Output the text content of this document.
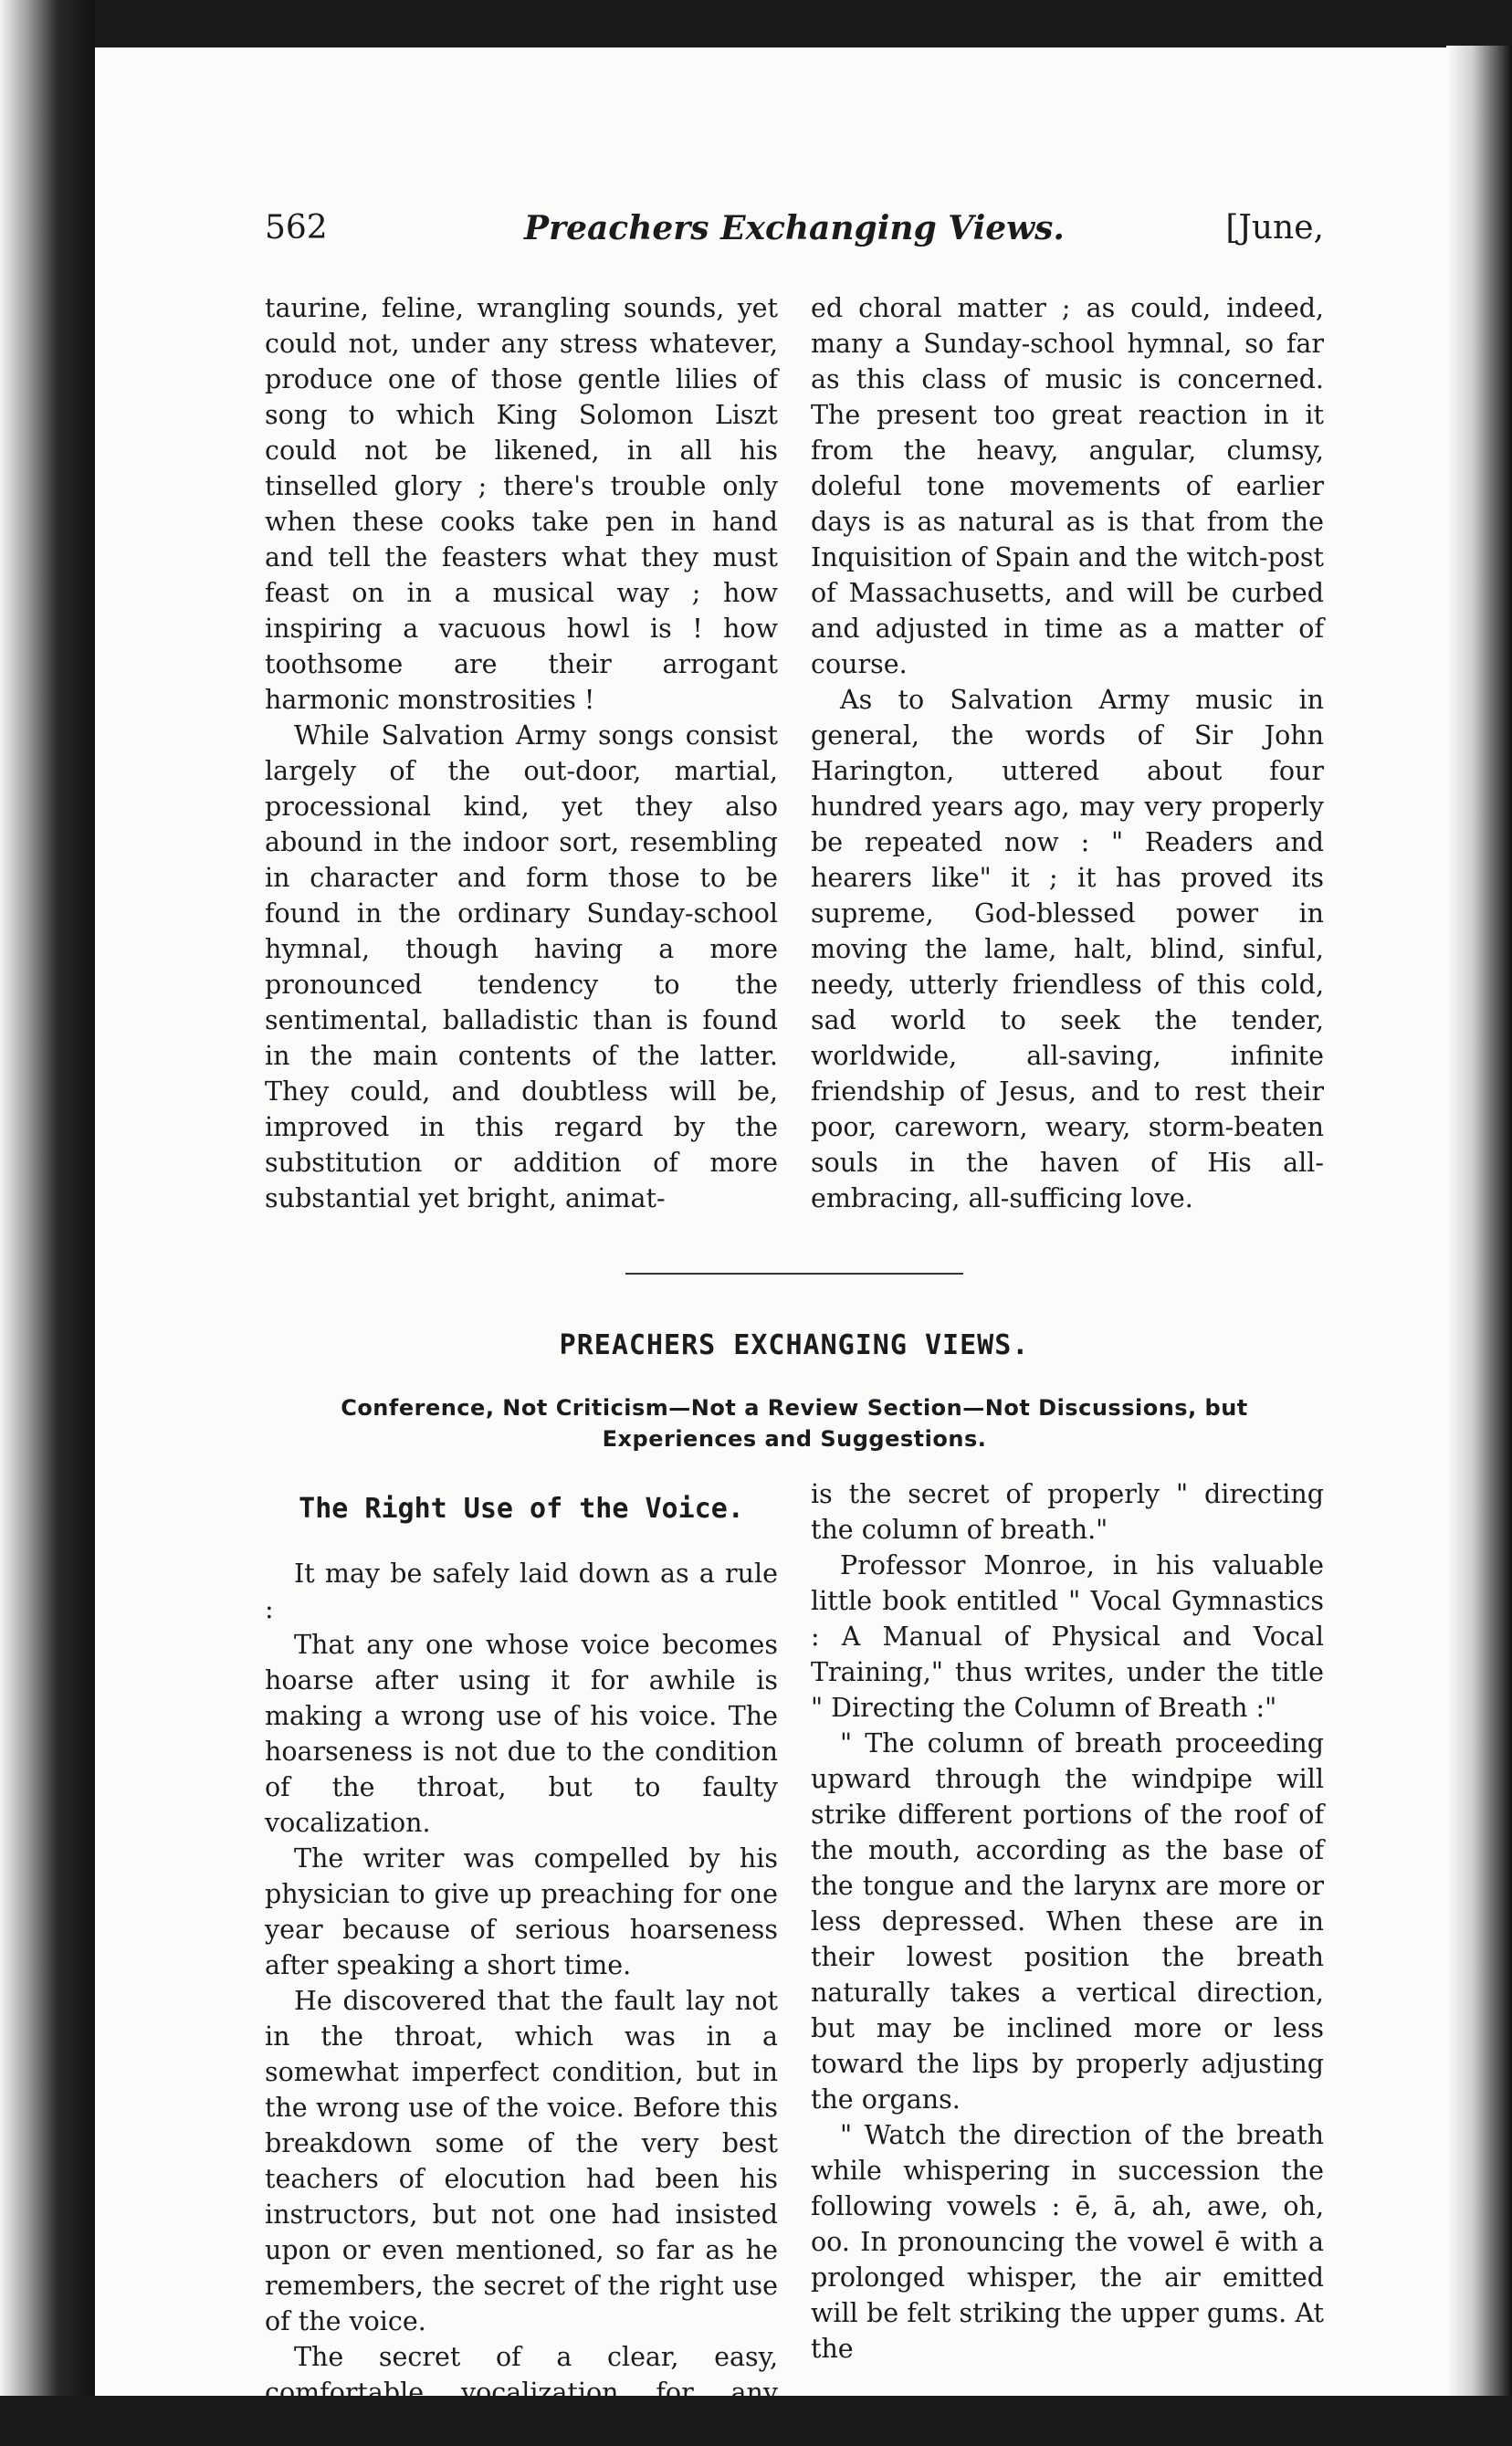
562	Preachers Exchanging Views.	[June,

taurine, feline, wrangling sounds, yet could not, under any stress whatever, produce one of those gentle lilies of song to which King Solomon Liszt could not be likened, in all his tinselled glory ; there's trouble only when these cooks take pen in hand and tell the feasters what they must feast on in a musical way ; how inspiring a vacuous howl is ! how toothsome are their arrogant harmonic monstrosities !

While Salvation Army songs consist largely of the out-door, martial, processional kind, yet they also abound in the indoor sort, resembling in character and form those to be found in the ordinary Sunday-school hymnal, though having a more pronounced tendency to the sentimental, balladistic than is found in the main contents of the latter. They could, and doubtless will be, improved in this regard by the substitution or addition of more substantial yet bright, animat-

ed choral matter ; as could, indeed, many a Sunday-school hymnal, so far as this class of music is concerned. The present too great reaction in it from the heavy, angular, clumsy, doleful tone movements of earlier days is as natural as is that from the Inquisition of Spain and the witch-post of Massachusetts, and will be curbed and adjusted in time as a matter of course.

As to Salvation Army music in general, the words of Sir John Harington, uttered about four hundred years ago, may very properly be repeated now : " Readers and hearers like" it ; it has proved its supreme, God-blessed power in moving the lame, halt, blind, sinful, needy, utterly friendless of this cold, sad world to seek the tender, worldwide, all-saving, infinite friendship of Jesus, and to rest their poor, careworn, weary, storm-beaten souls in the haven of His all-embracing, all-sufficing love.

PREACHERS EXCHANGING VIEWS.
Conference, Not Criticism—Not a Review Section—Not Discussions, but Experiences and Suggestions.
The Right Use of the Voice.

It may be safely laid down as a rule :

That any one whose voice becomes hoarse after using it for awhile is making a wrong use of his voice. The hoarseness is not due to the condition of the throat, but to faulty vocalization.

The writer was compelled by his physician to give up preaching for one year because of serious hoarseness after speaking a short time.

He discovered that the fault lay not in the throat, which was in a somewhat imperfect condition, but in the wrong use of the voice. Before this breakdown some of the very best teachers of elocution had been his instructors, but not one had insisted upon or even mentioned, so far as he remembers, the secret of the right use of the voice.

The secret of a clear, easy, comfortable vocalization for any length of time

is the secret of properly " directing the column of breath."

Professor Monroe, in his valuable little book entitled " Vocal Gymnastics : A Manual of Physical and Vocal Training," thus writes, under the title " Directing the Column of Breath :"

" The column of breath proceeding upward through the windpipe will strike different portions of the roof of the mouth, according as the base of the tongue and the larynx are more or less depressed. When these are in their lowest position the breath naturally takes a vertical direction, but may be inclined more or less toward the lips by properly adjusting the organs.

" Watch the direction of the breath while whispering in succession the following vowels : ē, ā, ah, awe, oh, oo. In pronouncing the vowel ē with a prolonged whisper, the air emitted will be felt striking the upper gums. At the
